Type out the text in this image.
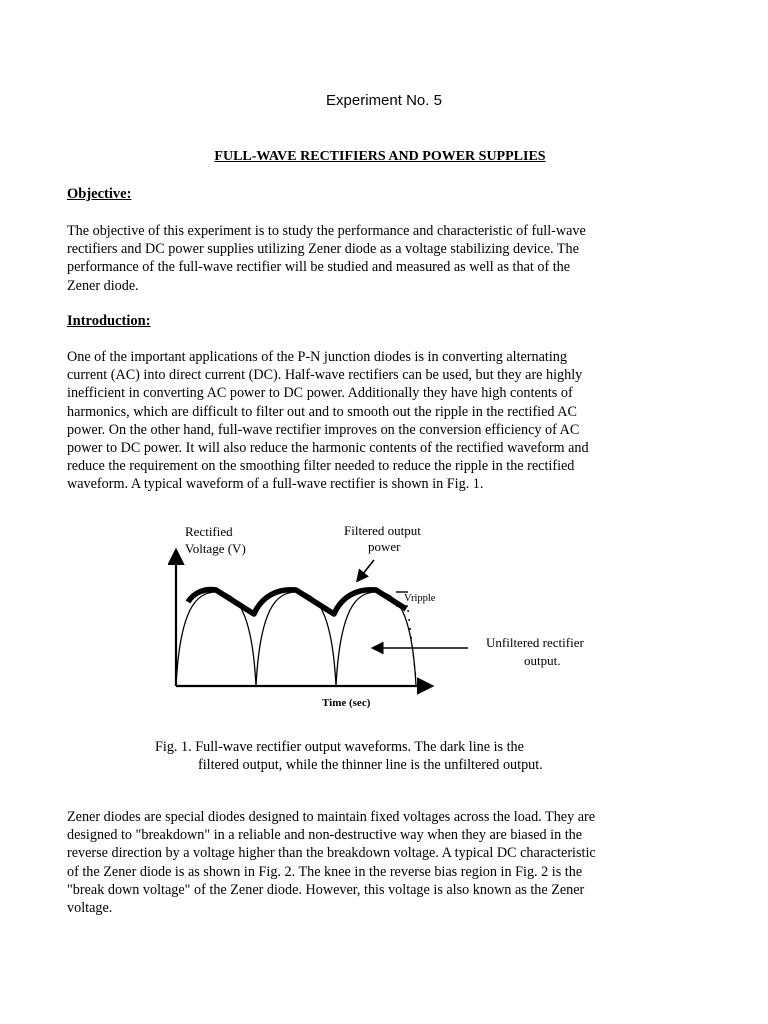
Experiment No. 5
FULL-WAVE RECTIFIERS AND POWER SUPPLIES
Objective:

The objective of this experiment is to study the performance and characteristic of full-wave
rectifiers and DC power supplies utilizing Zener diode as a voltage stabilizing device. The
performance of the full-wave rectifier will be studied and measured as well as that of the
Zener diode.

Introduction:

One of the important applications of the P-N junction diodes is in converting alternating
current (AC) into direct current (DC). Half-wave rectifiers can be used, but they are highly
inefficient in converting AC power to DC power. Additionally they have high contents of
harmonics, which are difficult to filter out and to smooth out the ripple in the rectified AC
power. On the other hand, full-wave rectifier improves on the conversion efficiency of AC
power to DC power. It will also reduce the harmonic contents of the rectified waveform and
reduce the requirement on the smoothing filter needed to reduce the ripple in the rectified
waveform. A typical waveform of a full-wave rectifier is shown in Fig. 1.

Rectified
Voltage (V)
Filtered output
power
Vripple
Unfiltered rectifier
output.
Time (sec)
Fig. 1. Full-wave rectifier output waveforms. The dark line is the
filtered output, while the thinner line is the unfiltered output.

Zener diodes are special diodes designed to maintain fixed voltages across the load. They are
designed to "breakdown" in a reliable and non-destructive way when they are biased in the
reverse direction by a voltage higher than the breakdown voltage. A typical DC characteristic
of the Zener diode is as shown in Fig. 2. The knee in the reverse bias region in Fig. 2 is the
"break down voltage" of the Zener diode. However, this voltage is also known as the Zener
voltage.
